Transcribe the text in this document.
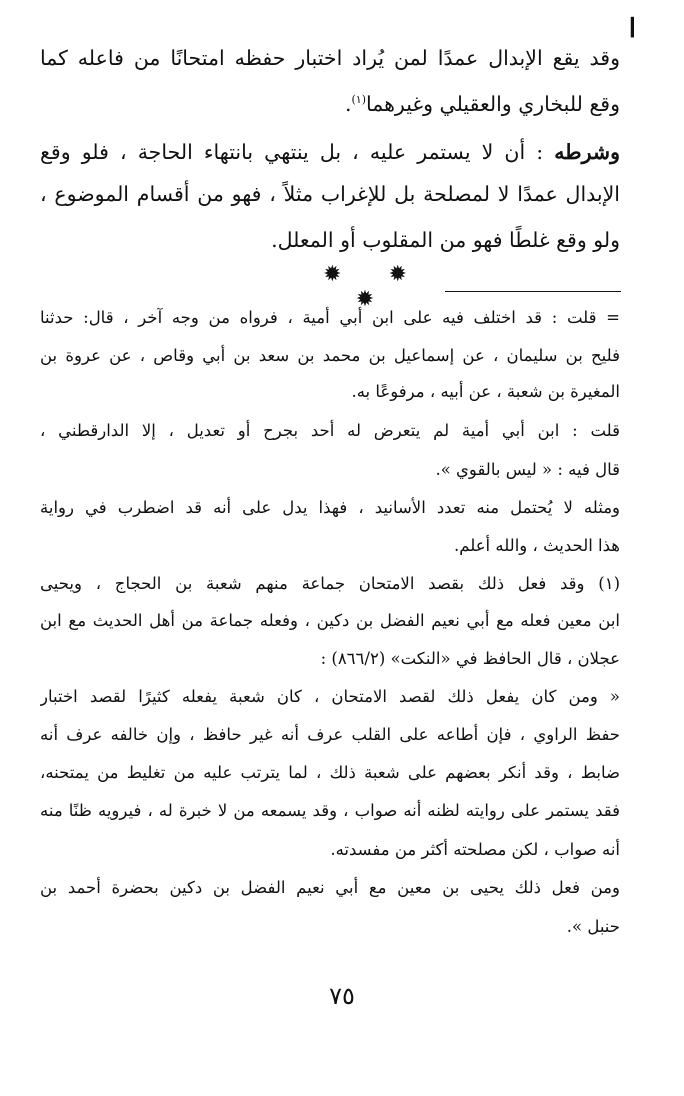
ا
وقد يقع الإبدال عمدًا لمن يُراد اختبار حفظه امتحانًا من فاعله كما
وقع للبخاري والعقيلي وغيرهما$^{(١)}$.
وشرطه : أن لا يستمر عليه ، بل ينتهي بانتهاء الحاجة ، فلو وقع
الإبدال عمدًا لا لمصلحة بل للإغراب مثلاً ، فهو من أقسام الموضوع ،
ولو وقع غلطًا فهو من المقلوب أو المعلل.
✹ ✹ ✹
= قلت : قد اختلف فيه على ابن أبي أمية ، فرواه من وجه آخر ، قال: حدثنا
فليح بن سليمان ، عن إسماعيل بن محمد بن سعد بن أبي وقاص ، عن عروة بن
المغيرة بن شعبة ، عن أبيه ، مرفوعًا به.
قلت : ابن أبي أمية لم يتعرض له أحد بجرح أو تعديل ، إلا الدارقطني ،
قال فيه : « ليس بالقوي ».
ومثله لا يُحتمل منه تعدد الأسانيد ، فهذا يدل على أنه قد اضطرب في رواية
هذا الحديث ، والله أعلم.
(١) وقد فعل ذلك بقصد الامتحان جماعة منهم شعبة بن الحجاج ، ويحيى
ابن معين فعله مع أبي نعيم الفضل بن دكين ، وفعله جماعة من أهل الحديث مع ابن
عجلان ، قال الحافظ في «النكت» (٨٦٦/٢) :
« ومن كان يفعل ذلك لقصد الامتحان ، كان شعبة يفعله كثيرًا لقصد اختبار
حفظ الراوي ، فإن أطاعه على القلب عرف أنه غير حافظ ، وإن خالفه عرف أنه
ضابط ، وقد أنكر بعضهم على شعبة ذلك ، لما يترتب عليه من تغليط من يمتحنه،
فقد يستمر على روايته لظنه أنه صواب ، وقد يسمعه من لا خبرة له ، فيرويه ظنًا منه
أنه صواب ، لكن مصلحته أكثر من مفسدته.
ومن فعل ذلك يحيى بن معين مع أبي نعيم الفضل بن دكين بحضرة أحمد بن
حنبل ».
٧٥
